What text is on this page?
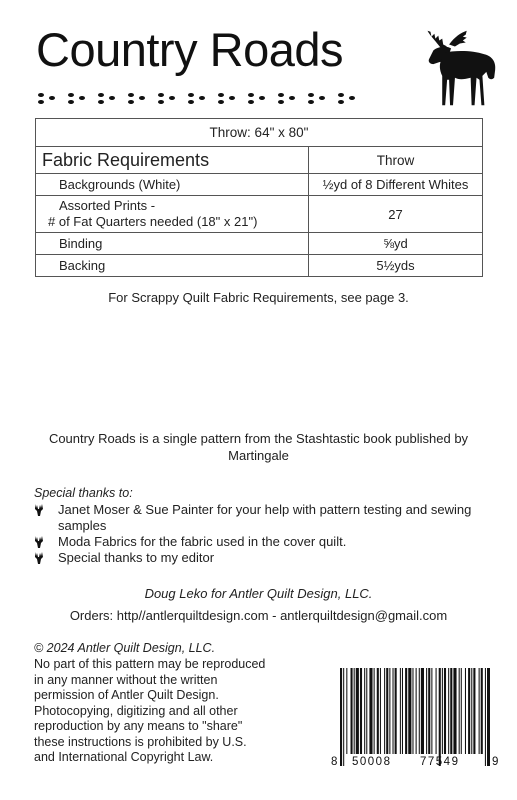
Country Roads
Throw: 64" x 80"	
Fabric Requirements	Throw
Backgrounds (White)	½yd of 8 Different Whites

Assorted Prints -
# of Fat Quarters needed (18" x 21")	27
Binding	⅝yd
Backing	5½yds

For Scrappy Quilt Fabric Requirements, see page 3.

Country Roads is a single pattern from the Stashtastic book published by Martingale

Special thanks to:

Janet Moser & Sue Painter for your help with pattern testing and sewing samples
Moda Fabrics for the fabric used in the cover quilt.
Special thanks to my editor

Doug Leko for Antler Quilt Design, LLC.

Orders: http//antlerquiltdesign.com - antlerquiltdesign@gmail.com

© 2024 Antler Quilt Design, LLC.

No part of this pattern may be reproduced
in any manner without the written
permission of Antler Quilt Design.
Photocopying, digitizing and all other
reproduction by any means to "share"
these instructions is prohibited by U.S.
and International Copyright Law.	8 50008 77549	9
